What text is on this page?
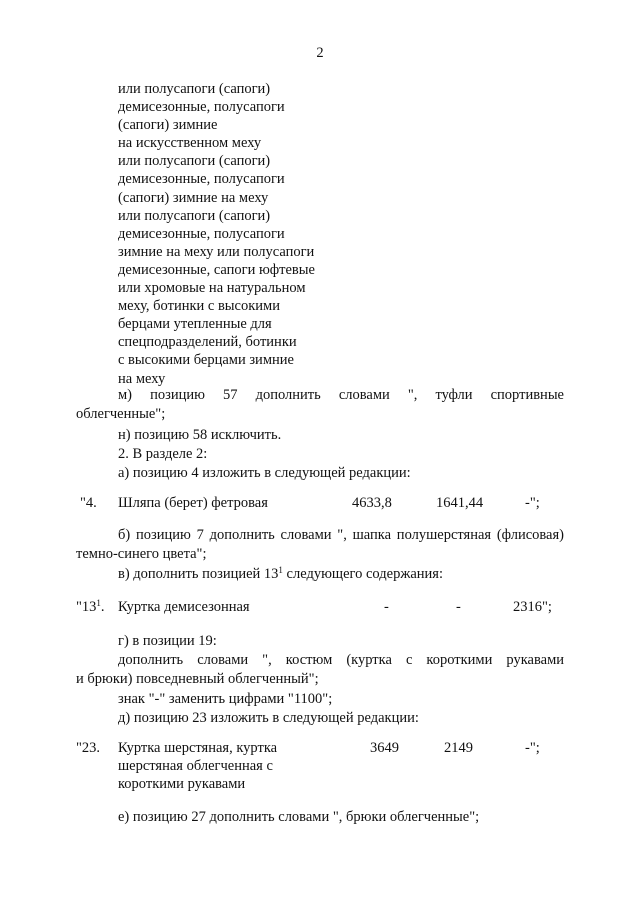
2
или полусапоги (сапоги)
демисезонные, полусапоги
(сапоги) зимние
на искусственном меху
или полусапоги (сапоги)
демисезонные, полусапоги
(сапоги) зимние на меху
или полусапоги (сапоги)
демисезонные, полусапоги
зимние на меху или полусапоги
демисезонные, сапоги юфтевые
или хромовые на натуральном
меху, ботинки с высокими
берцами утепленные для
спецподразделений, ботинки
с высокими берцами зимние
на меху
м) позицию 57 дополнить словами ", туфли спортивные
облегченные";
н) позицию 58 исключить.
2. В разделе 2:
а) позицию 4 изложить в следующей редакции:
"4. Шляпа (берет) фетровая	4633,8	1641,44	-";
б) позицию 7 дополнить словами ", шапка полушерстяная (флисовая)
темно-синего цвета";
в) дополнить позицией $13^1$ следующего содержания:
"$13^1$. Куртка демисезонная	-	-	2316";
г) в позиции 19:
дополнить словами ", костюм (куртка с короткими рукавами
и брюки) повседневный облегченный";
знак "-" заменить цифрами "1100";
д) позицию 23 изложить в следующей редакции:
"23. Куртка шерстяная, куртка
шерстяная облегченная с
короткими рукавами
3649	2149	-";
е) позицию 27 дополнить словами ", брюки облегченные";
